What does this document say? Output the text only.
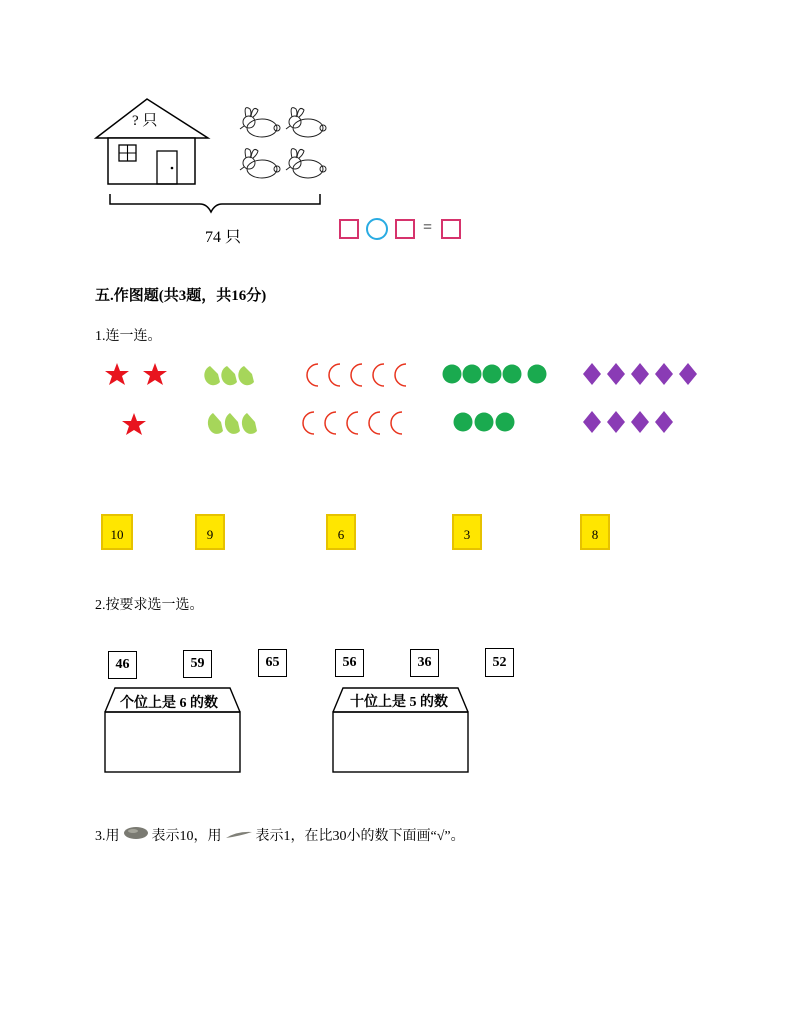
? 只
74 只
=
五.作图题(共3题，共16分)
1.连一连。
10	9	6	3	8
2.按要求选一选。
46	59	65	56	36	52
个位上是 6 的数	十位上是 5 的数
3.用 表示10，用 表示1，在比30小的数下面画“√”。
